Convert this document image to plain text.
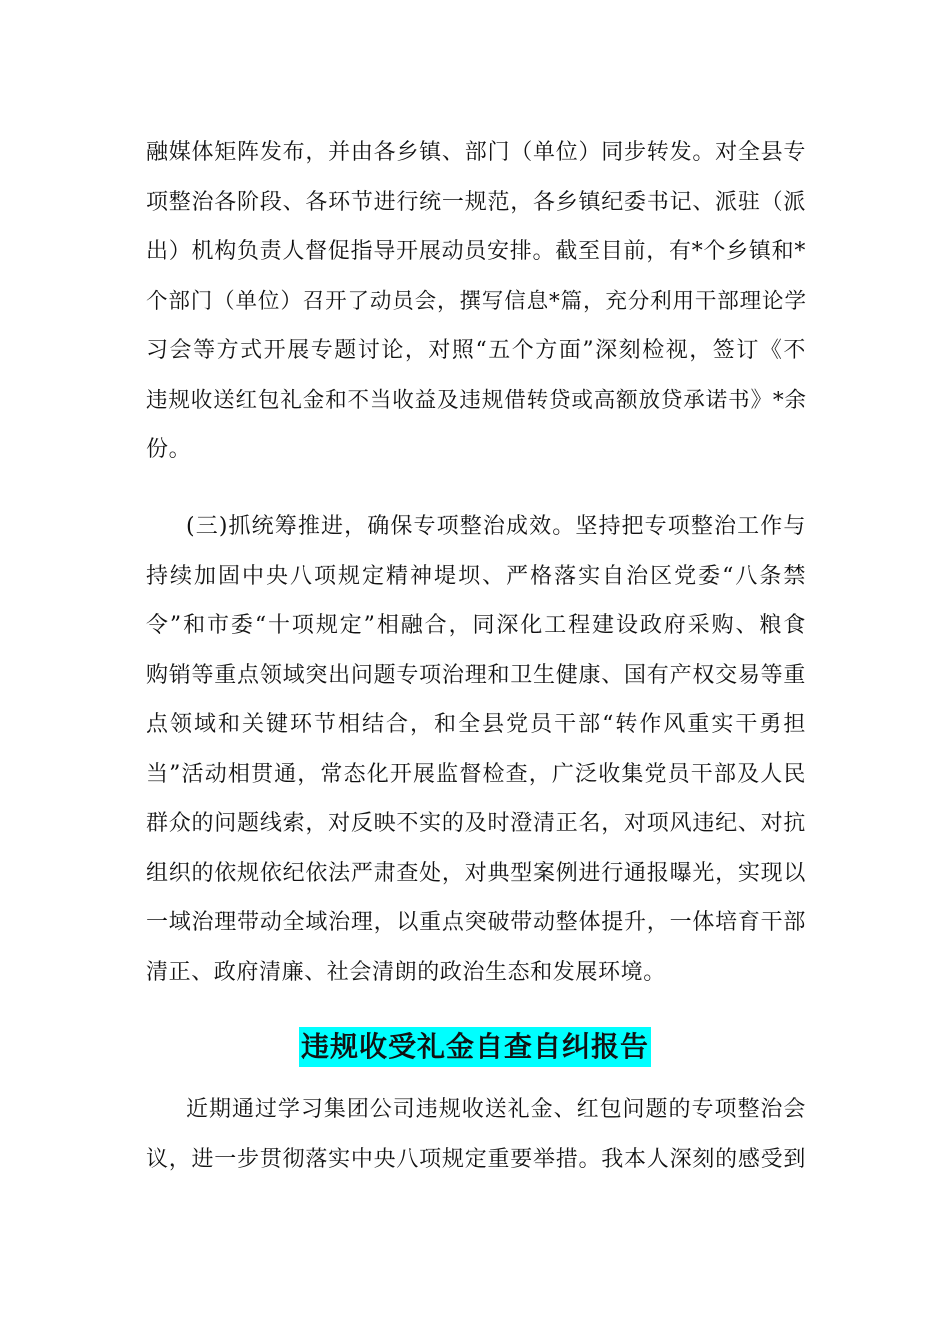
融媒体矩阵发布，并由各乡镇、部门（单位）同步转发。对全县专
项整治各阶段、各环节进行统一规范，各乡镇纪委书记、派驻（派
出）机构负责人督促指导开展动员安排。截至目前，有*个乡镇和*
个部门（单位）召开了动员会，撰写信息*篇，充分利用干部理论学
习会等方式开展专题讨论，对照“五个方面”深刻检视，签订《不
违规收送红包礼金和不当收益及违规借转贷或高额放贷承诺书》*余
份。
(三)抓统筹推进，确保专项整治成效。坚持把专项整治工作与
持续加固中央八项规定精神堤坝、严格落实自治区党委“八条禁
令”和市委“十项规定”相融合，同深化工程建设政府采购、粮食
购销等重点领域突出问题专项治理和卫生健康、国有产权交易等重
点领域和关键环节相结合，和全县党员干部“转作风重实干勇担
当”活动相贯通，常态化开展监督检查，广泛收集党员干部及人民
群众的问题线索，对反映不实的及时澄清正名，对项风违纪、对抗
组织的依规依纪依法严肃查处，对典型案例进行通报曝光，实现以
一域治理带动全域治理，以重点突破带动整体提升，一体培育干部
清正、政府清廉、社会清朗的政治生态和发展环境。
违规收受礼金自查自纠报告
近期通过学习集团公司违规收送礼金、红包问题的专项整治会
议，进一步贯彻落实中央八项规定重要举措。我本人深刻的感受到
